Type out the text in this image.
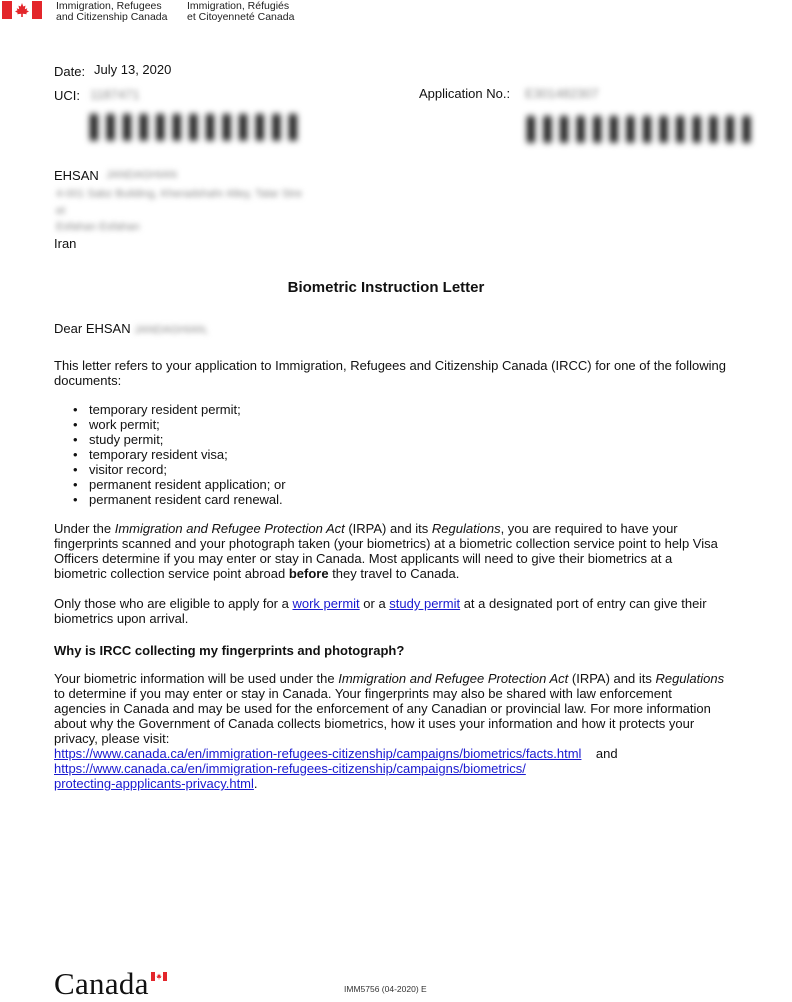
Immigration, Refugees
and Citizenship Canada
Immigration, Réfugiés
et Citoyenneté Canada
Date: July 13, 2020
UCI: 1187471	Application No.: E301482307
▌▌▌▌▌▌▌▌▌▌▌▌▌	▌▌▌▌▌▌▌▌▌▌▌▌▌▌
EHSAN JANDAGHIAN
4-001 Sabz Building, Kheradshahr Alley, Talar Stre
et
Esfahan Esfahan
Iran
Biometric Instruction Letter
Dear EHSAN JANDAGHIAN,
This letter refers to your application to Immigration, Refugees and Citizenship Canada (IRCC) for one of the following documents:
• temporary resident permit;
• work permit;
• study permit;
• temporary resident visa;
• visitor record;
• permanent resident application; or
• permanent resident card renewal.
Under the Immigration and Refugee Protection Act (IRPA) and its Regulations, you are required to have your fingerprints scanned and your photograph taken (your biometrics) at a biometric collection service point to help Visa Officers determine if you may enter or stay in Canada. Most applicants will need to give their biometrics at a biometric collection service point abroad before they travel to Canada.
Only those who are eligible to apply for a work permit or a study permit at a designated port of entry can give their biometrics upon arrival.
Why is IRCC collecting my fingerprints and photograph?
Your biometric information will be used under the Immigration and Refugee Protection Act (IRPA) and its Regulations to determine if you may enter or stay in Canada. Your fingerprints may also be shared with law enforcement agencies in Canada and may be used for the enforcement of any Canadian or provincial law. For more information about why the Government of Canada collects biometrics, how it uses your information and how it protects your privacy, please visit:
https://www.canada.ca/en/immigration-refugees-citizenship/campaigns/biometrics/facts.html and
https://www.canada.ca/en/immigration-refugees-citizenship/campaigns/biometrics/
protecting-appplicants-privacy.html.
Canada	IMM5756 (04-2020) E
